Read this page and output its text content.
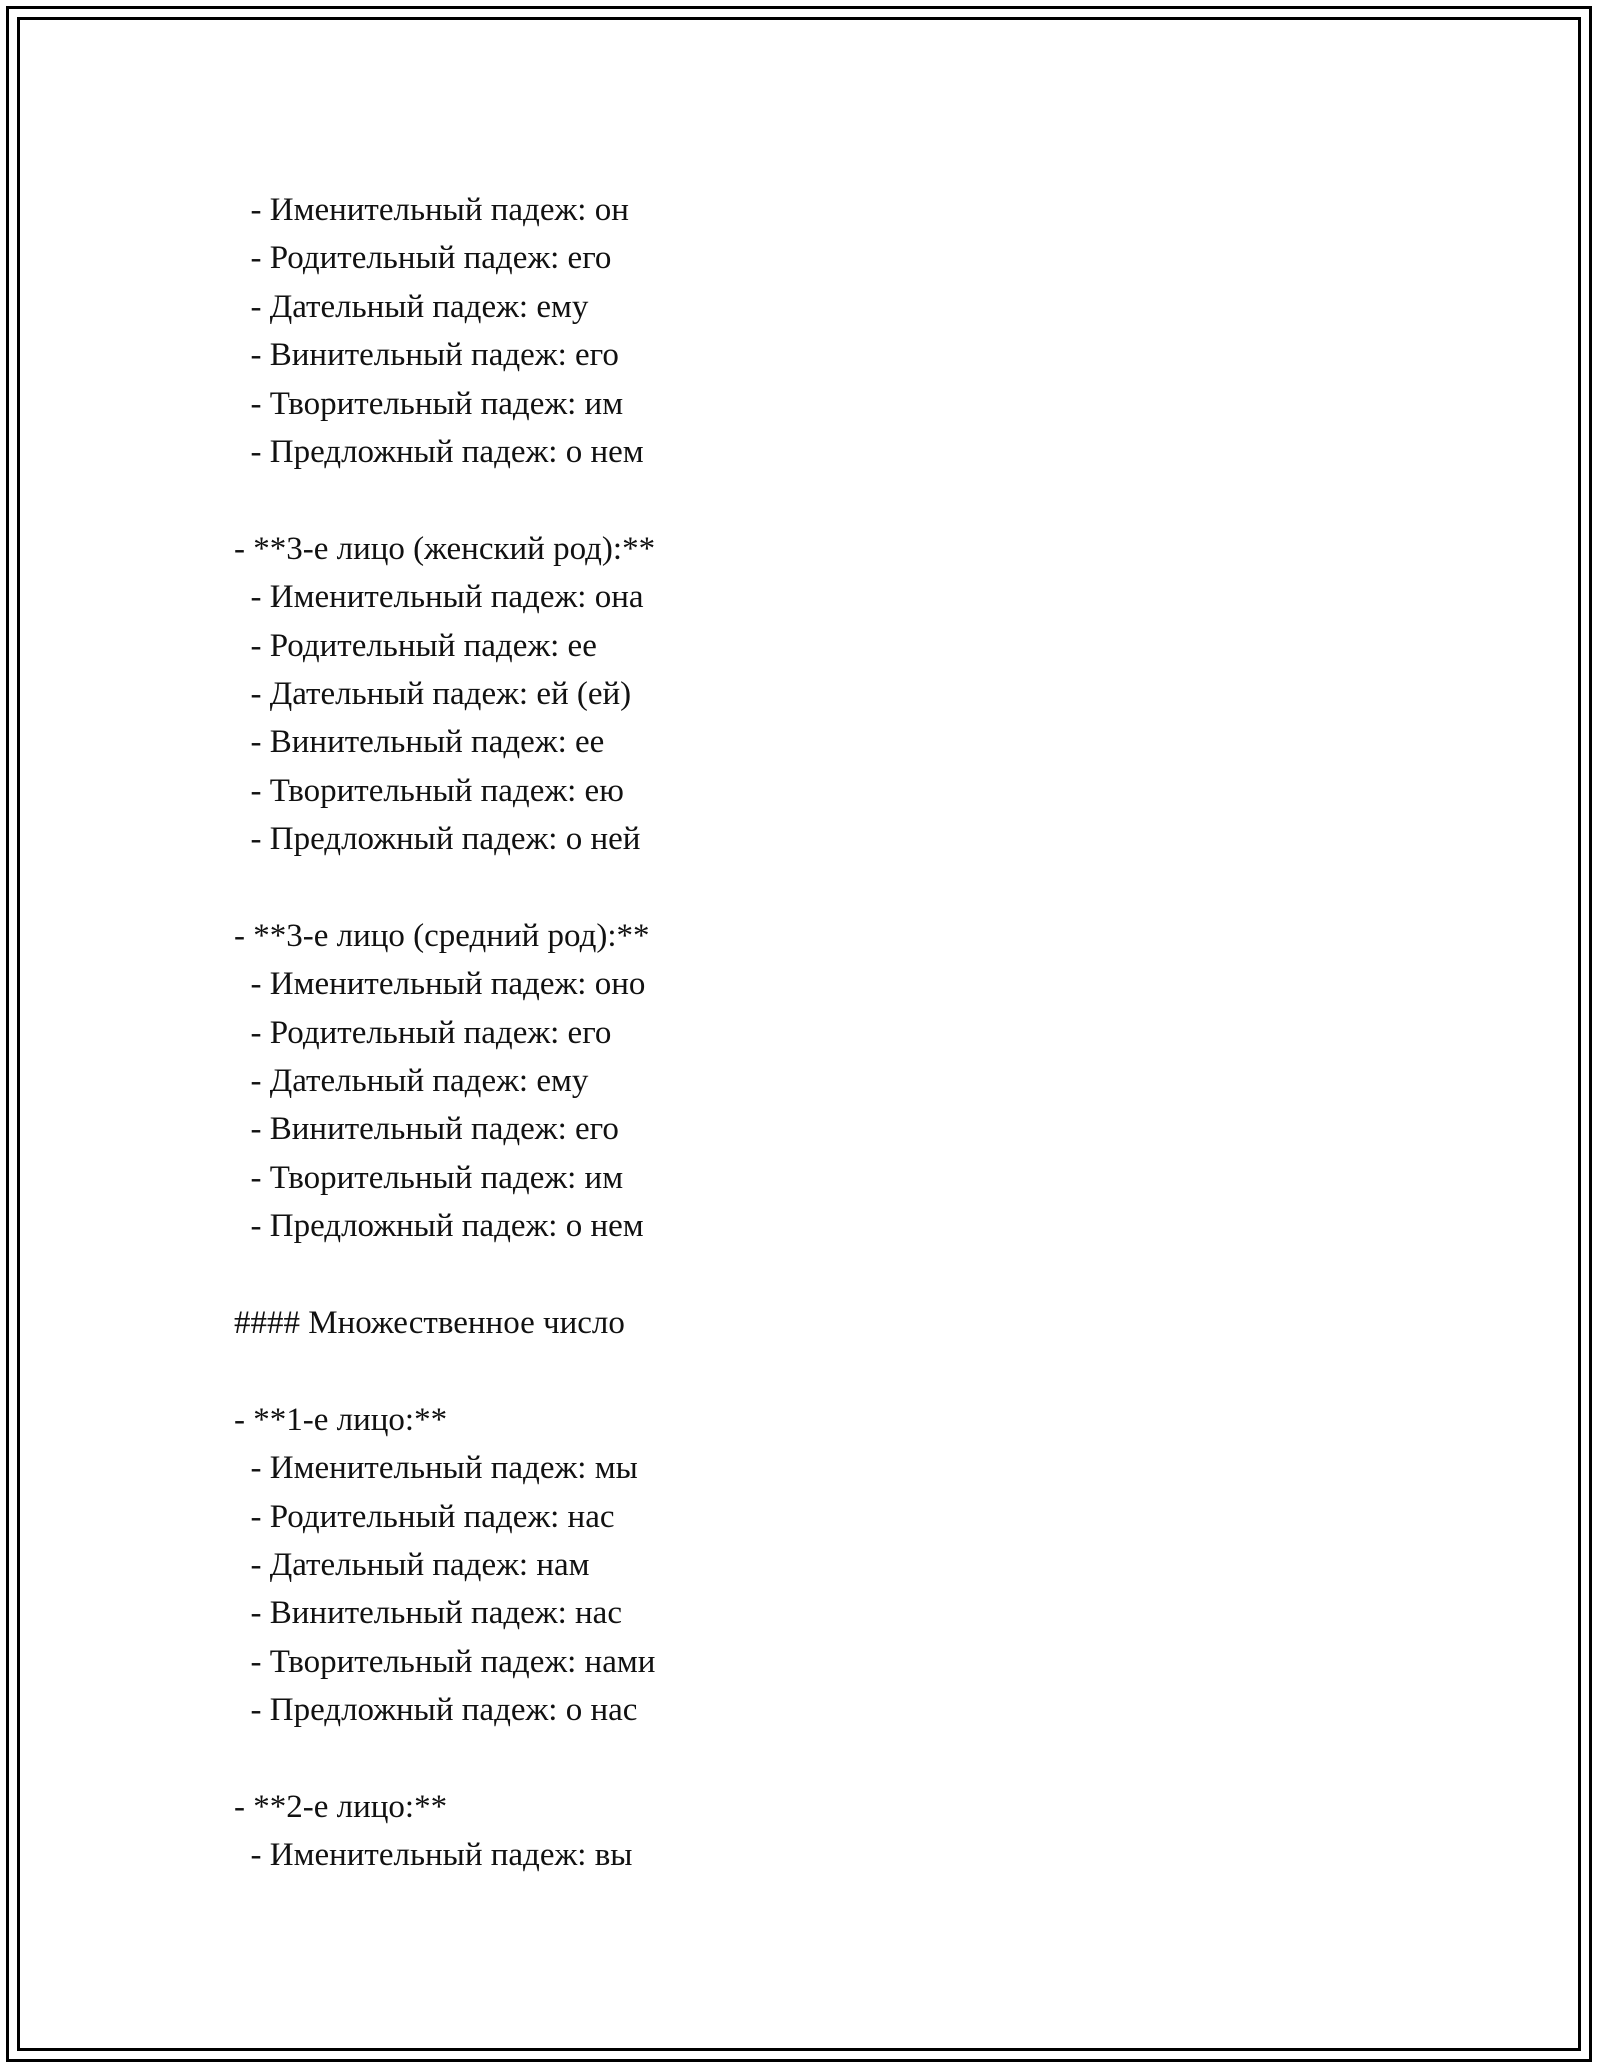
- Именительный падеж: он
- Родительный падеж: его
- Дательный падеж: ему
- Винительный падеж: его
- Творительный падеж: им
- Предложный падеж: о нем
- **3-е лицо (женский род):**
- Именительный падеж: она
- Родительный падеж: ее
- Дательный падеж: ей (ей)
- Винительный падеж: ее
- Творительный падеж: ею
- Предложный падеж: о ней
- **3-е лицо (средний род):**
- Именительный падеж: оно
- Родительный падеж: его
- Дательный падеж: ему
- Винительный падеж: его
- Творительный падеж: им
- Предложный падеж: о нем
#### Множественное число
- **1-е лицо:**
- Именительный падеж: мы
- Родительный падеж: нас
- Дательный падеж: нам
- Винительный падеж: нас
- Творительный падеж: нами
- Предложный падеж: о нас
- **2-е лицо:**
- Именительный падеж: вы
